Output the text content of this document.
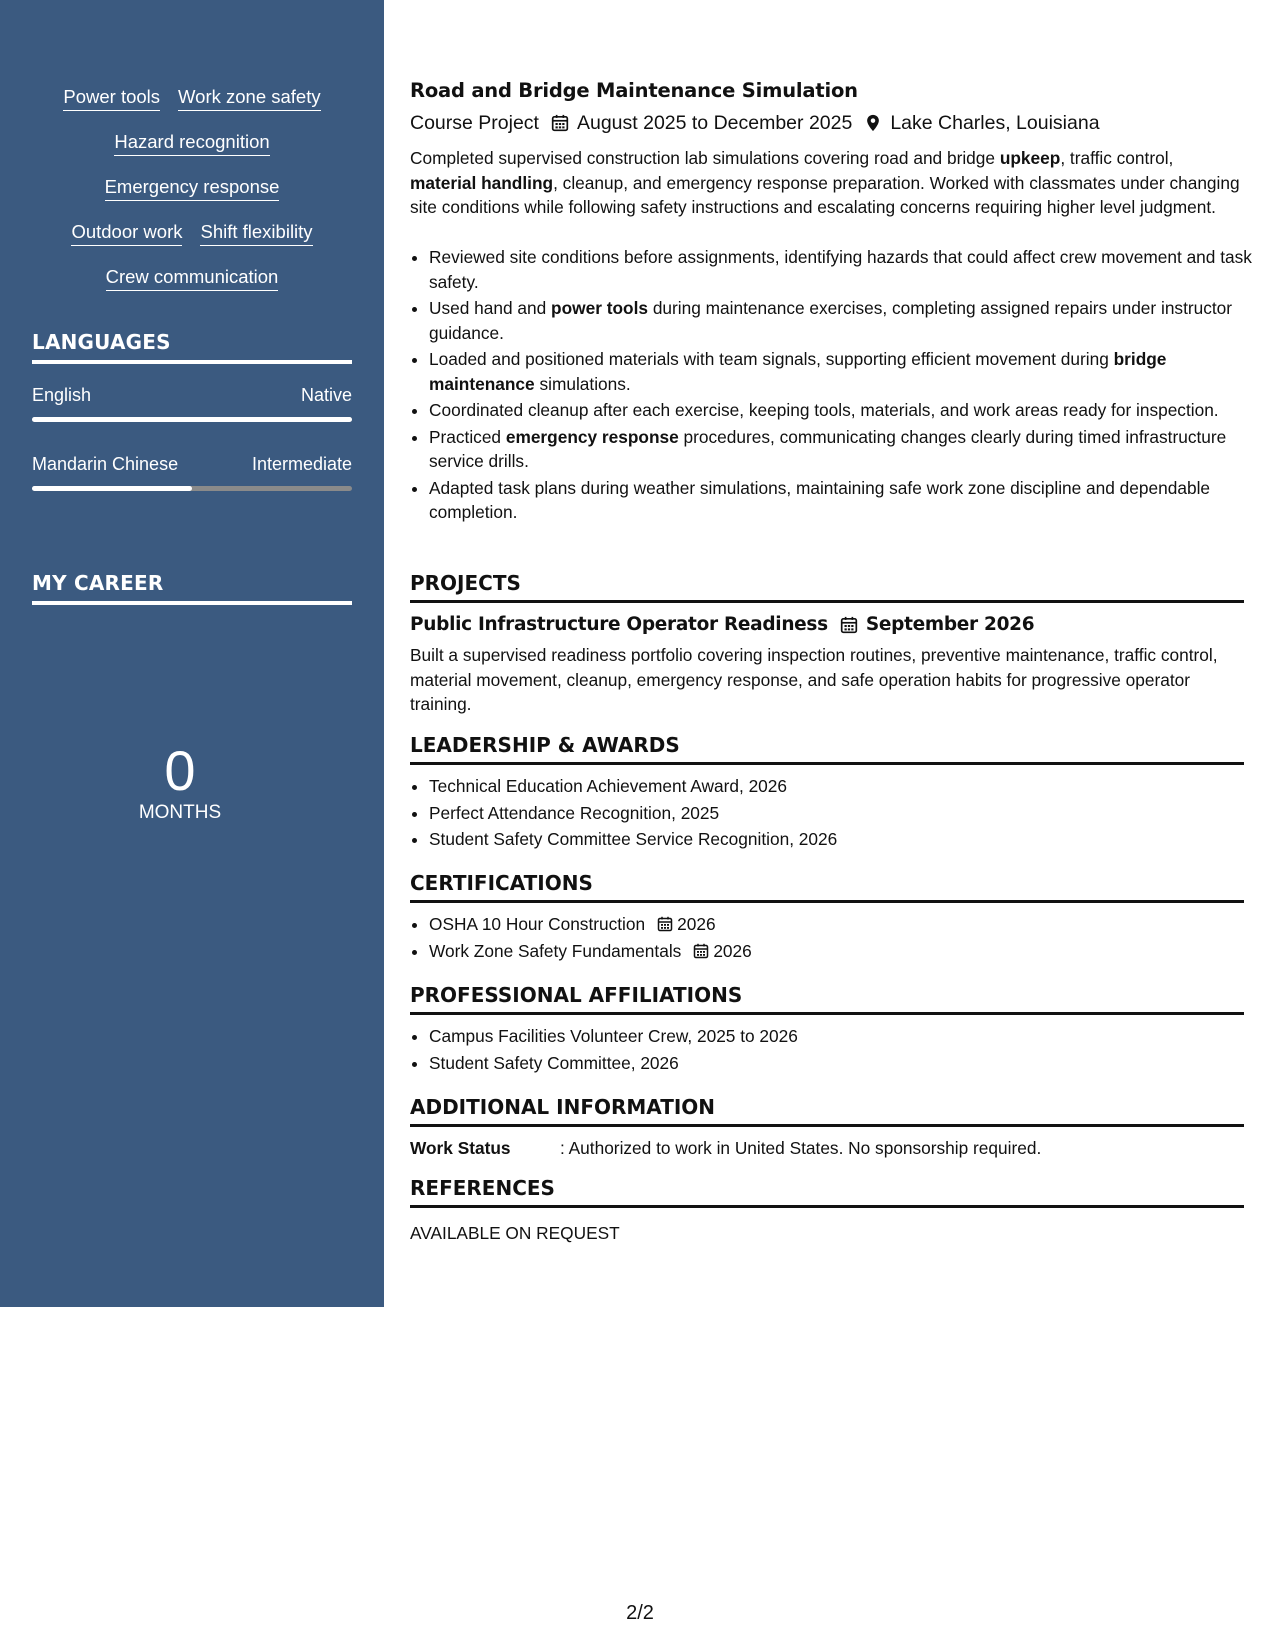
Power tools Work zone safety
Hazard recognition
Emergency response
Outdoor work Shift flexibility
Crew communication
LANGUAGES
English	Native
Mandarin Chinese	Intermediate
MY CAREER
0
MONTHS
Road and Bridge Maintenance Simulation
Course Project August 2025 to December 2025 Lake Charles, Louisiana
Completed supervised construction lab simulations covering road and bridge upkeep, traffic control, material handling, cleanup, and emergency response preparation. Worked with classmates under changing site conditions while following safety instructions and escalating concerns requiring higher level judgment.
• Reviewed site conditions before assignments, identifying hazards that could affect crew movement and task safety.
• Used hand and power tools during maintenance exercises, completing assigned repairs under instructor guidance.
• Loaded and positioned materials with team signals, supporting efficient movement during bridge maintenance simulations.
• Coordinated cleanup after each exercise, keeping tools, materials, and work areas ready for inspection.
• Practiced emergency response procedures, communicating changes clearly during timed infrastructure service drills.
• Adapted task plans during weather simulations, maintaining safe work zone discipline and dependable completion.
PROJECTS
Public Infrastructure Operator Readiness September 2026
Built a supervised readiness portfolio covering inspection routines, preventive maintenance, traffic control, material movement, cleanup, emergency response, and safe operation habits for progressive operator training.
LEADERSHIP & AWARDS
• Technical Education Achievement Award, 2026
• Perfect Attendance Recognition, 2025
• Student Safety Committee Service Recognition, 2026
CERTIFICATIONS
• OSHA 10 Hour Construction 2026
• Work Zone Safety Fundamentals 2026
PROFESSIONAL AFFILIATIONS
• Campus Facilities Volunteer Crew, 2025 to 2026
• Student Safety Committee, 2026
ADDITIONAL INFORMATION
Work Status	: Authorized to work in United States. No sponsorship required.
REFERENCES
AVAILABLE ON REQUEST
2/2
